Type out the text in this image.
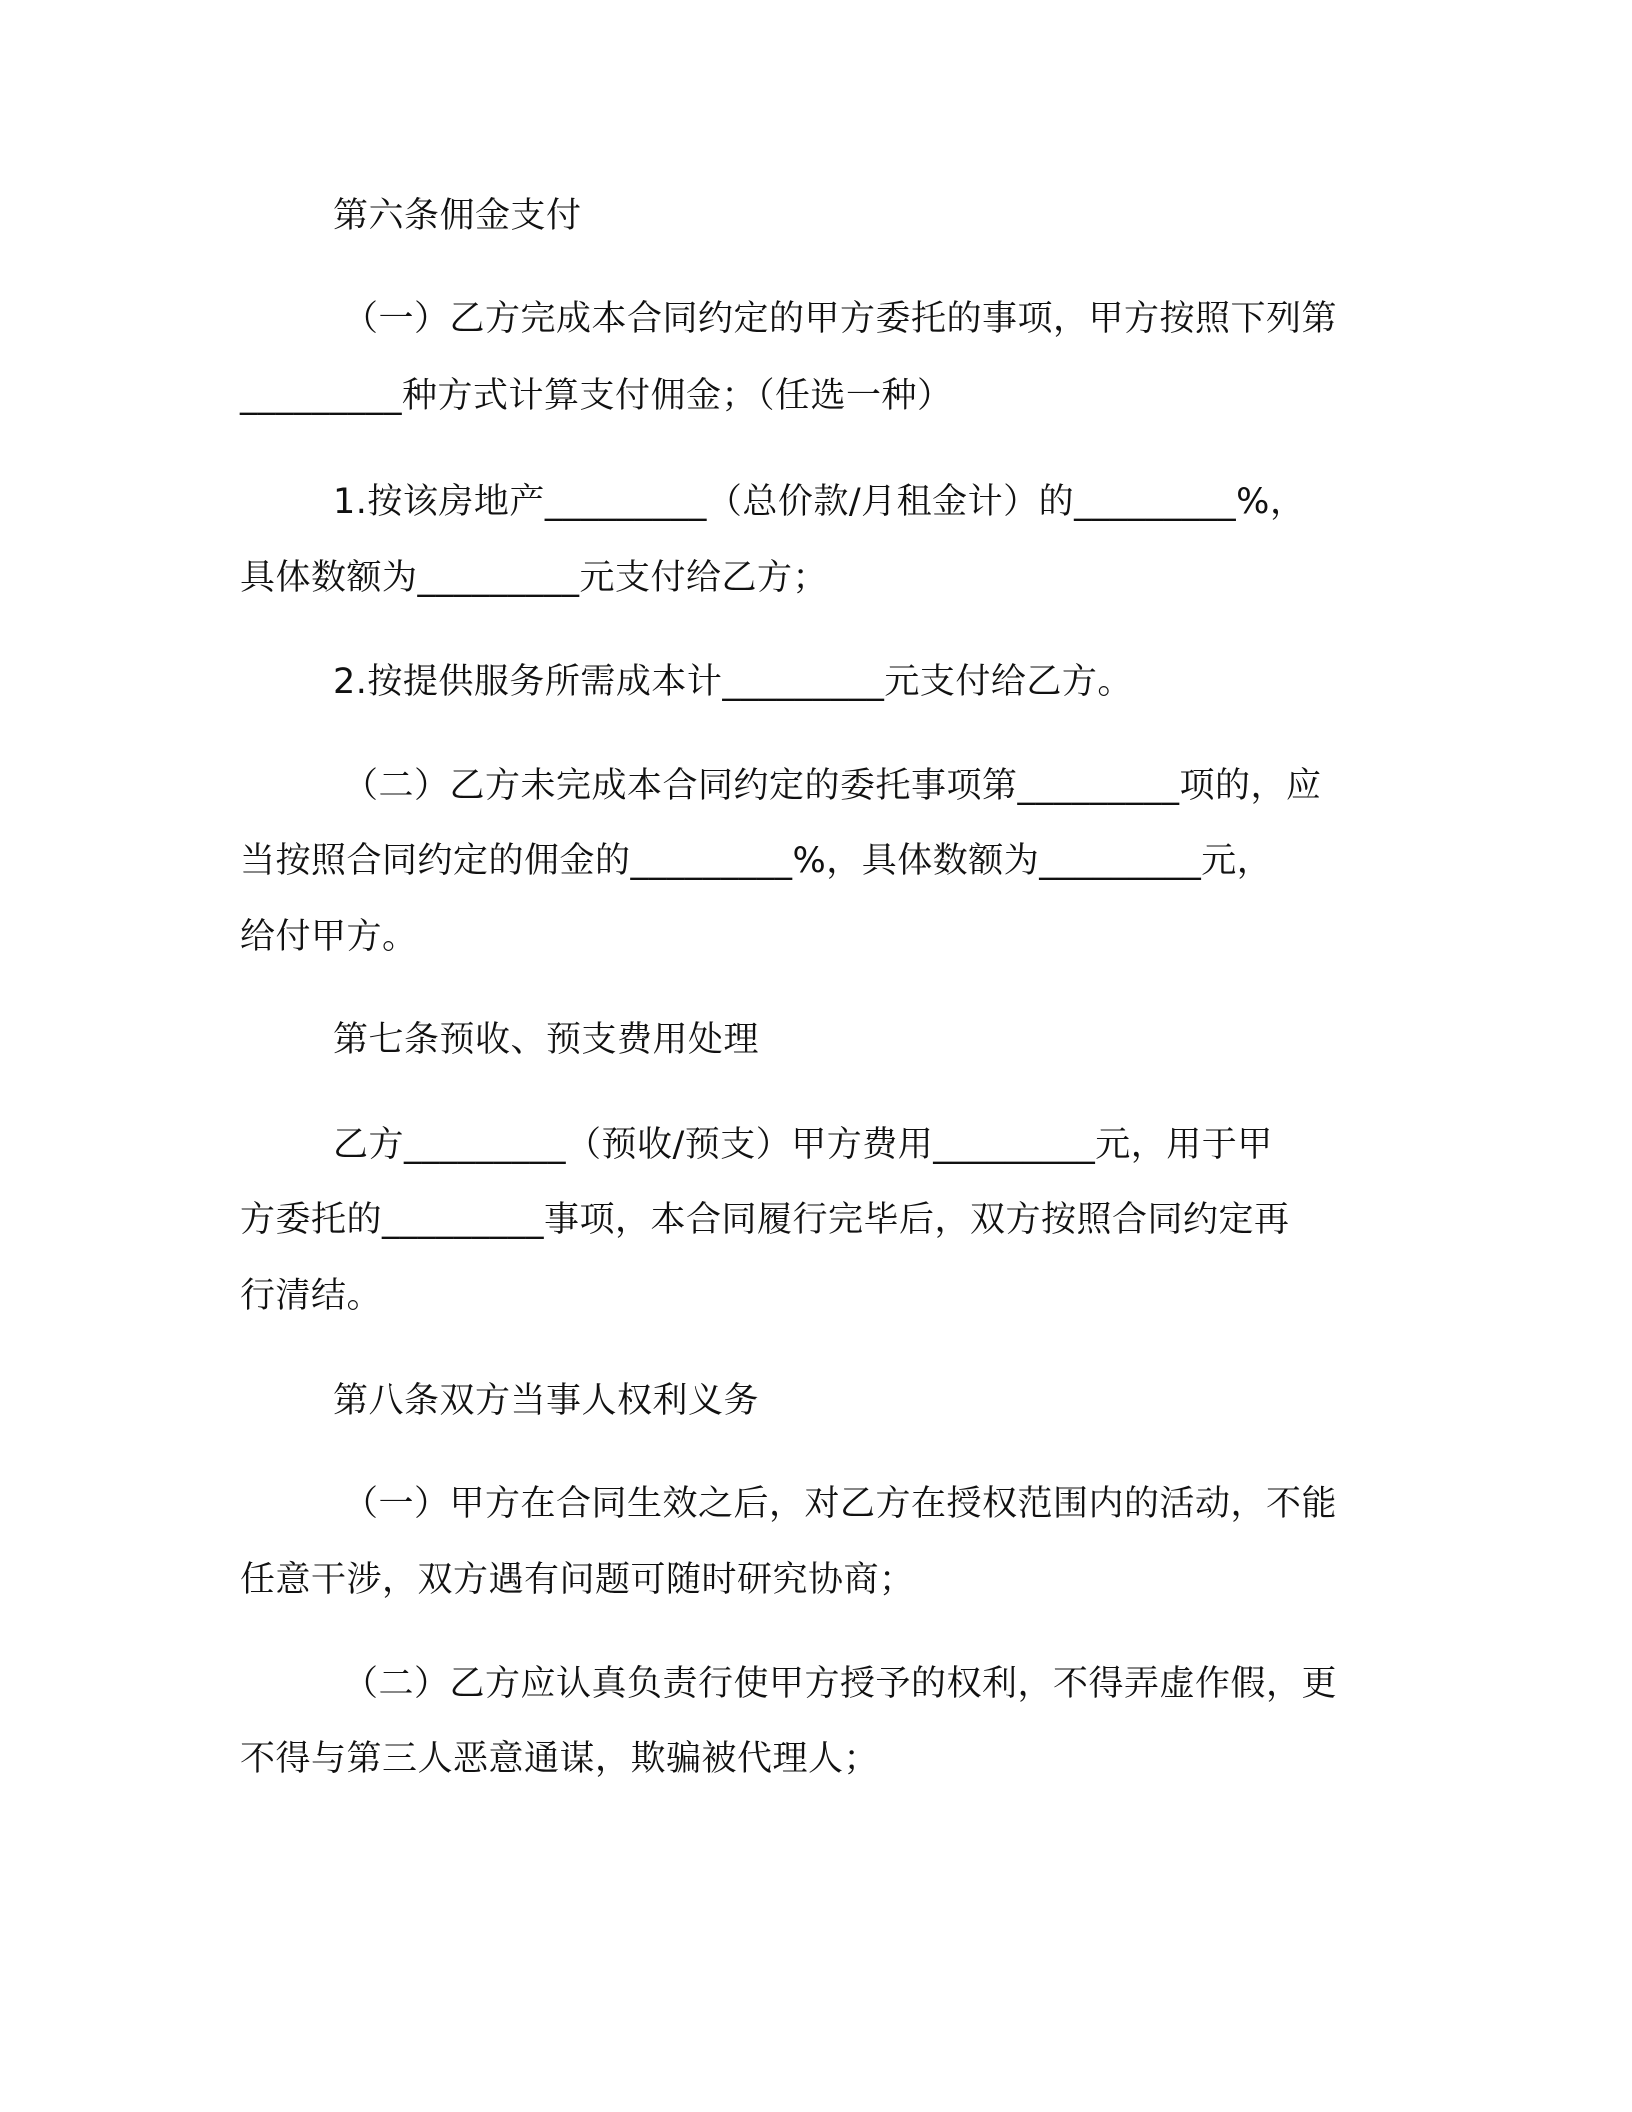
第六条佣金支付
（一）乙方完成本合同约定的甲方委托的事项，甲方按照下列第
_________种方式计算支付佣金；（任选一种）
1.按该房地产_________（总价款/月租金计）的_________%，
具体数额为_________元支付给乙方；
2.按提供服务所需成本计_________元支付给乙方。
（二）乙方未完成本合同约定的委托事项第_________项的，应
当按照合同约定的佣金的_________%，具体数额为_________元，
给付甲方。
第七条预收、预支费用处理
乙方_________（预收/预支）甲方费用_________元，用于甲
方委托的_________事项，本合同履行完毕后，双方按照合同约定再
行清结。
第八条双方当事人权利义务
（一）甲方在合同生效之后，对乙方在授权范围内的活动，不能
任意干涉，双方遇有问题可随时研究协商；
（二）乙方应认真负责行使甲方授予的权利，不得弄虚作假，更
不得与第三人恶意通谋，欺骗被代理人；
